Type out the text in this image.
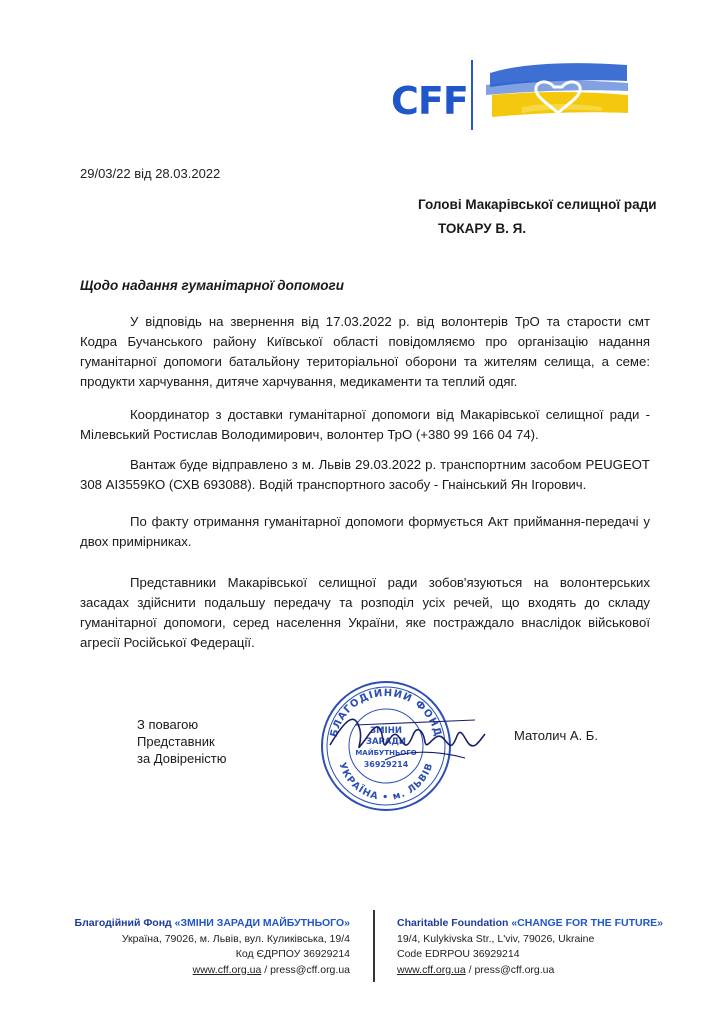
CFF
29/03/22 від 28.03.2022
Голові Макарівської селищної ради
ТОКАРУ В. Я.
Щодо надання гуманітарної допомоги
У відповідь на звернення від 17.03.2022 р. від волонтерів ТрО та старости смт Кодра Бучанського району Київської області повідомляємо про організацію надання гуманітарної допомоги батальйону територіальної оборони та жителям селища, а семе: продукти харчування, дитяче харчування, медикаменти та теплий одяг.
Координатор з доставки гуманітарної допомоги від Макарівської селищної ради - Мілевський Ростислав Володимирович, волонтер ТрО (+380 99 166 04 74).
Вантаж буде відправлено з м. Львів 29.03.2022 р. транспортним засобом PEUGEOT 308 АІ3559КО (СХВ 693088). Водій транспортного засобу - Гнаінський Ян Ігорович.
По факту отримання гуманітарної допомоги формується Акт приймання-передачі у двох примірниках.
Представники Макарівської селищної ради зобов'язуються на волонтерських засадах здійснити подальшу передачу та розподіл усіх речей, що входять до складу гуманітарної допомоги, серед населення України, яке постраждало внаслідок військової агресії Російської Федерації.
З повагою
Представник
за Довіреністю
БЛАГОДІЙНИЙ ФОНД
УКРАЇНА • м. ЛЬВІВ
ЗМІНИ
ЗАРАДИ
МАЙБУТНЬОГО
36929214
Матолич А. Б.
Благодійний Фонд «ЗМІНИ ЗАРАДИ МАЙБУТНЬОГО»
Україна, 79026, м. Львів, вул. Куликівська, 19/4
Код ЄДРПОУ 36929214
www.cff.org.ua / press@cff.org.ua
Charitable Foundation «CHANGE FOR THE FUTURE»
19/4, Kulykivska Str., L'viv, 79026, Ukraine
Code EDRPOU 36929214
www.cff.org.ua / press@cff.org.ua
